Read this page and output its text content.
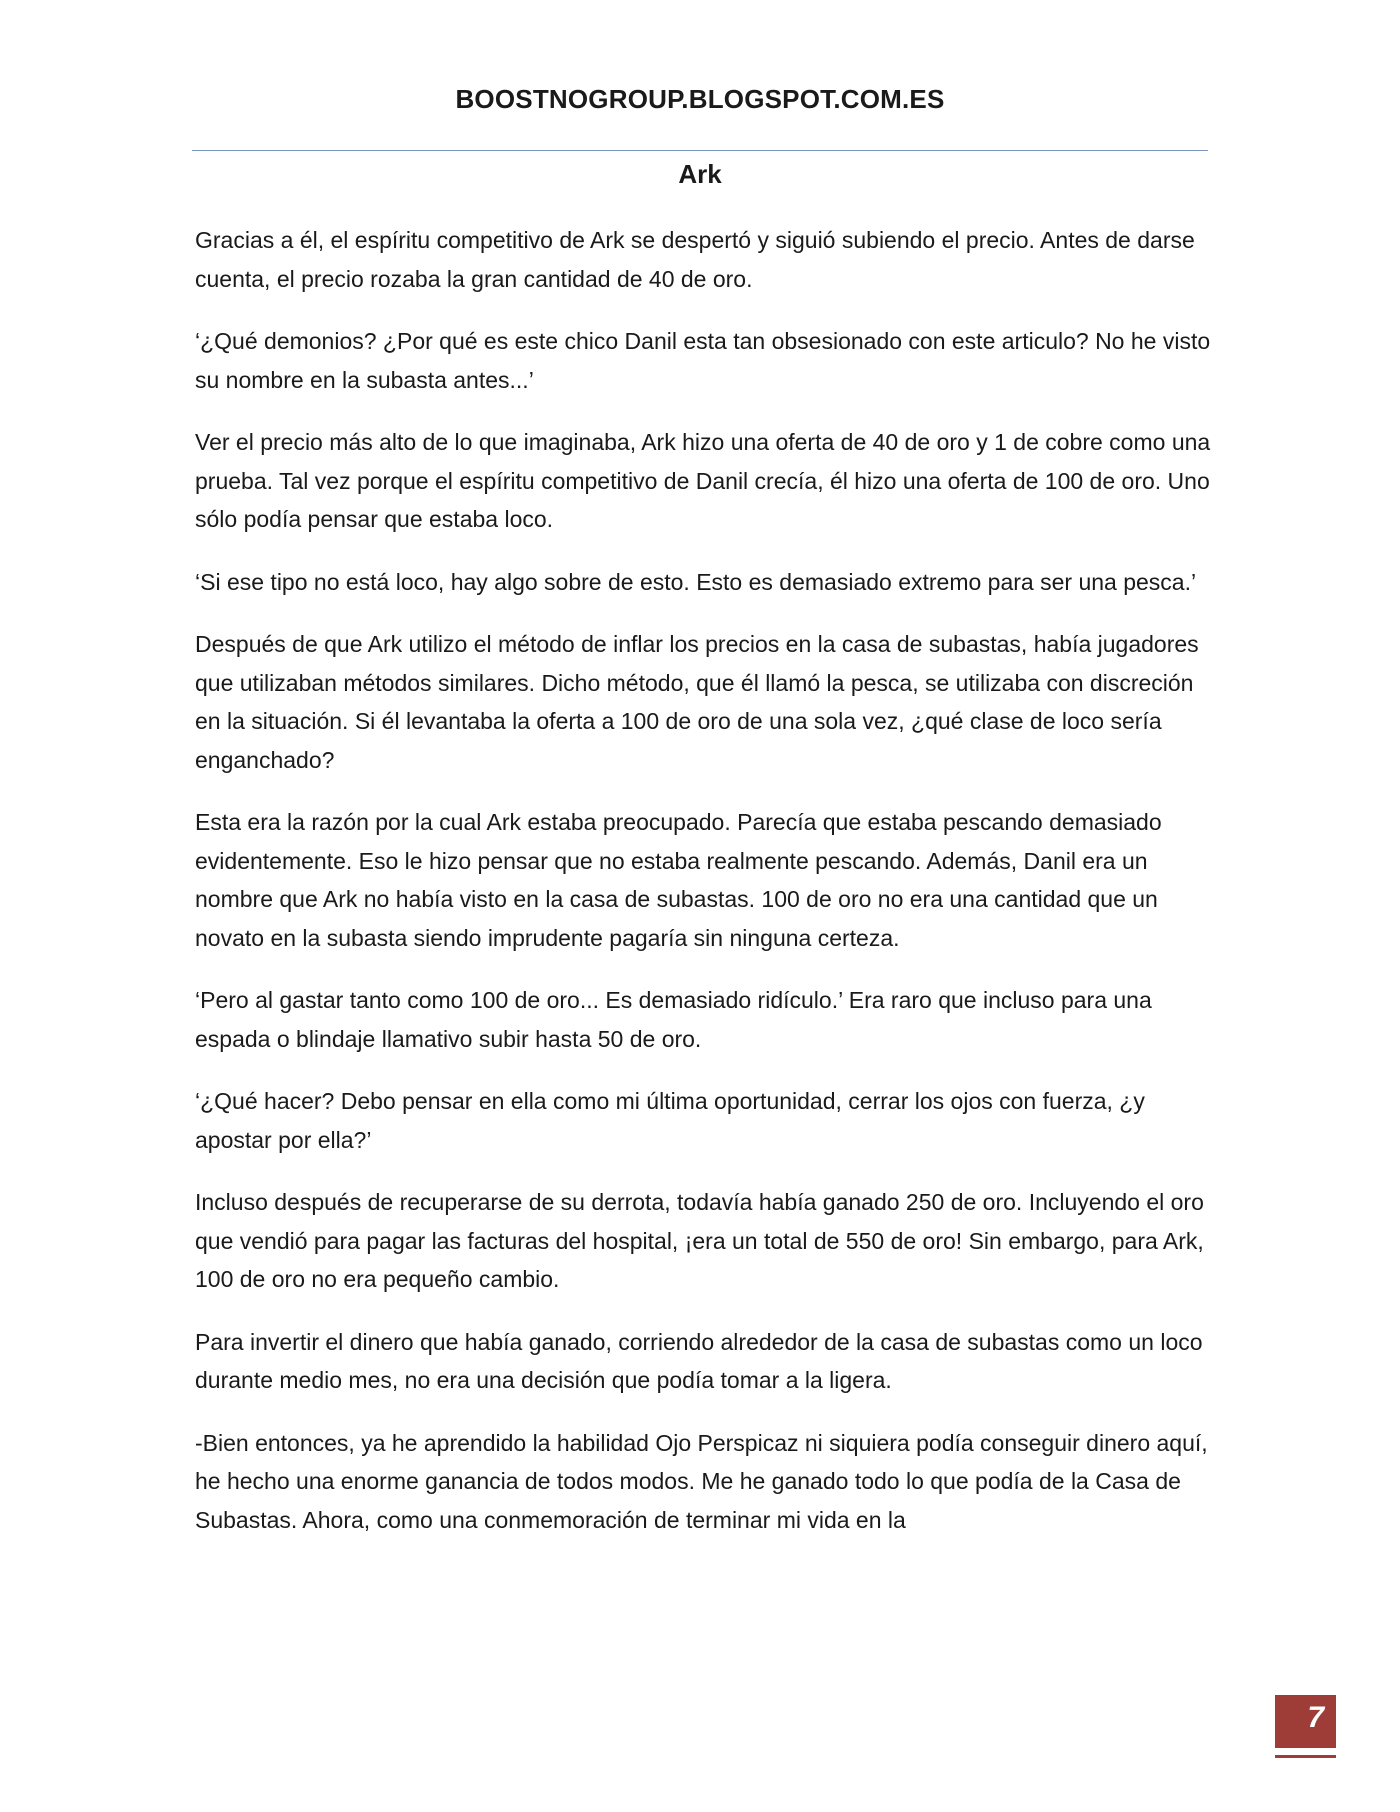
BOOSTNOGROUP.BLOGSPOT.COM.ES
Ark

Gracias a él, el espíritu competitivo de Ark se despertó y siguió subiendo el precio. Antes de darse cuenta, el precio rozaba la gran cantidad de 40 de oro.

‘¿Qué demonios? ¿Por qué es este chico Danil esta tan obsesionado con este articulo? No he visto su nombre en la subasta antes...’

Ver el precio más alto de lo que imaginaba, Ark hizo una oferta de 40 de oro y 1 de cobre como una prueba. Tal vez porque el espíritu competitivo de Danil crecía, él hizo una oferta de 100 de oro. Uno sólo podía pensar que estaba loco.

‘Si ese tipo no está loco, hay algo sobre de esto. Esto es demasiado extremo para ser una pesca.’

Después de que Ark utilizo el método de inflar los precios en la casa de subastas, había jugadores que utilizaban métodos similares. Dicho método, que él llamó la pesca, se utilizaba con discreción en la situación. Si él levantaba la oferta a 100 de oro de una sola vez, ¿qué clase de loco sería enganchado?

Esta era la razón por la cual Ark estaba preocupado. Parecía que estaba pescando demasiado evidentemente. Eso le hizo pensar que no estaba realmente pescando. Además, Danil era un nombre que Ark no había visto en la casa de subastas. 100 de oro no era una cantidad que un novato en la subasta siendo imprudente pagaría sin ninguna certeza.

‘Pero al gastar tanto como 100 de oro... Es demasiado ridículo.’ Era raro que incluso para una espada o blindaje llamativo subir hasta 50 de oro.

‘¿Qué hacer? Debo pensar en ella como mi última oportunidad, cerrar los ojos con fuerza, ¿y apostar por ella?’

Incluso después de recuperarse de su derrota, todavía había ganado 250 de oro. Incluyendo el oro que vendió para pagar las facturas del hospital, ¡era un total de 550 de oro! Sin embargo, para Ark, 100 de oro no era pequeño cambio.

Para invertir el dinero que había ganado, corriendo alrededor de la casa de subastas como un loco durante medio mes, no era una decisión que podía tomar a la ligera.

-Bien entonces, ya he aprendido la habilidad Ojo Perspicaz ni siquiera podía conseguir dinero aquí, he hecho una enorme ganancia de todos modos. Me he ganado todo lo que podía de la Casa de Subastas. Ahora, como una conmemoración de terminar mi vida en la

7
